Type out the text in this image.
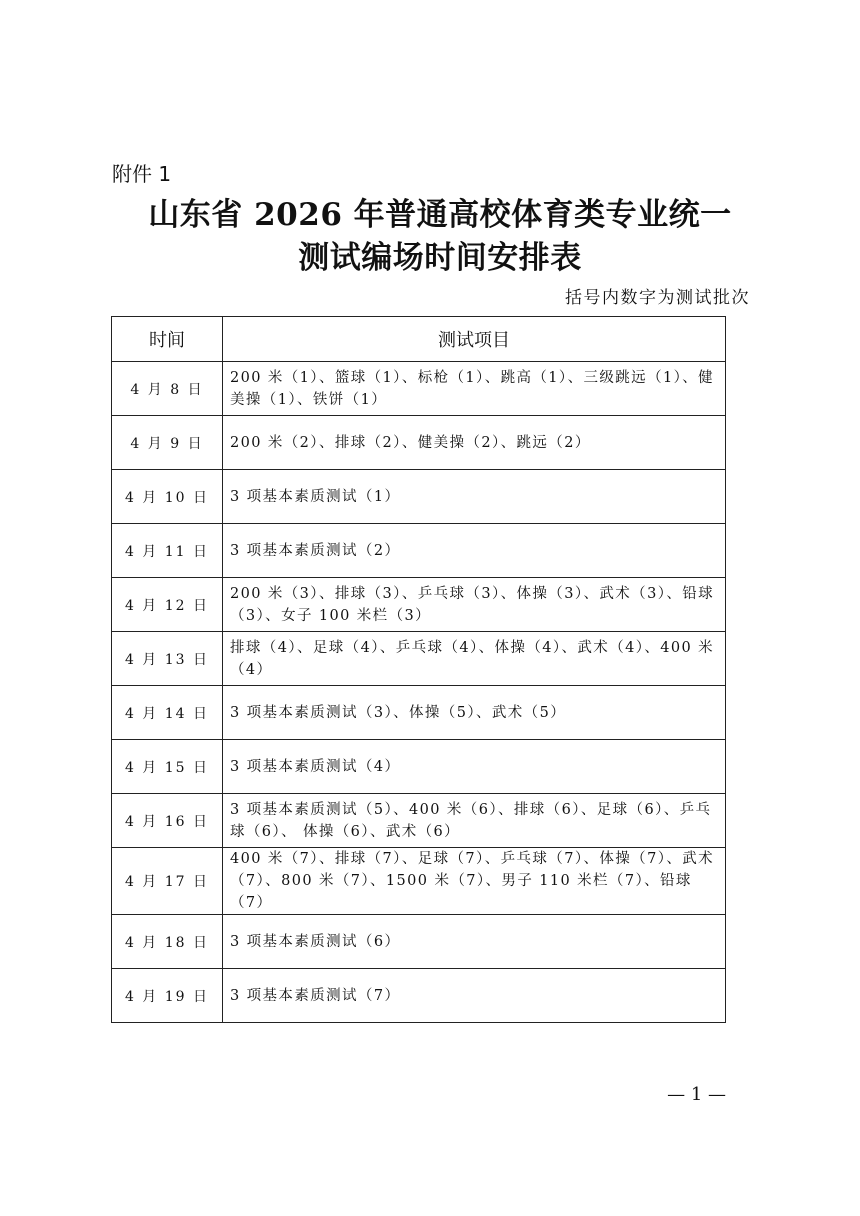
附件 1
山东省 2026 年普通高校体育类专业统一
测试编场时间安排表
括号内数字为测试批次
时间	测试项目
4 月 8 日	200 米（1）、篮球（1）、标枪（1）、跳高（1）、三级跳远（1）、健美操（1）、铁饼（1）
4 月 9 日	200 米（2）、排球（2）、健美操（2）、跳远（2）
4 月 10 日	3 项基本素质测试（1）
4 月 11 日	3 项基本素质测试（2）
4 月 12 日	200 米（3）、排球（3）、乒乓球（3）、体操（3）、武术（3）、铅球（3）、女子 100 米栏（3）
4 月 13 日	排球（4）、足球（4）、乒乓球（4）、体操（4）、武术（4）、400 米（4）
4 月 14 日	3 项基本素质测试（3）、体操（5）、武术（5）
4 月 15 日	3 项基本素质测试（4）
4 月 16 日	3 项基本素质测试（5）、400 米（6）、排球（6）、足球（6）、乒乓球（6）、 体操（6）、武术（6）
4 月 17 日	400 米（7）、排球（7）、足球（7）、乒乓球（7）、体操（7）、武术（7）、800 米（7）、1500 米（7）、男子 110 米栏（7）、铅球（7）
4 月 18 日	3 项基本素质测试（6）
4 月 19 日	3 项基本素质测试（7）
— 1 —
